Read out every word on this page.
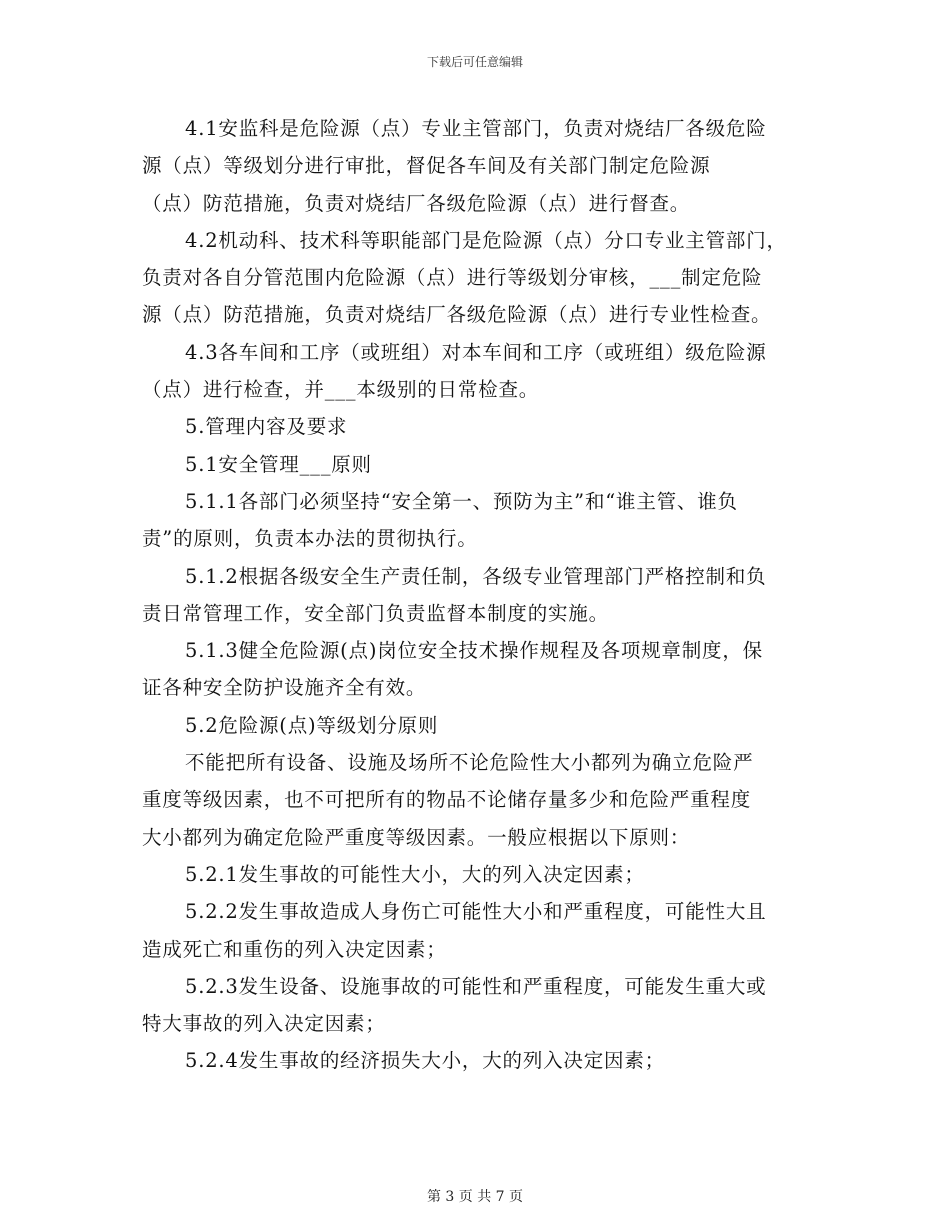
下载后可任意编辑
4.1安监科是危险源（点）专业主管部门，负责对烧结厂各级危险
源（点）等级划分进行审批，督促各车间及有关部门制定危险源
（点）防范措施，负责对烧结厂各级危险源（点）进行督查。
4.2机动科、技术科等职能部门是危险源（点）分口专业主管部门，
负责对各自分管范围内危险源（点）进行等级划分审核，___制定危险
源（点）防范措施，负责对烧结厂各级危险源（点）进行专业性检查。
4.3各车间和工序（或班组）对本车间和工序（或班组）级危险源
（点）进行检查，并___本级别的日常检查。
5.管理内容及要求
5.1安全管理___原则
5.1.1各部门必须坚持“安全第一、预防为主”和“谁主管、谁负
责”的原则，负责本办法的贯彻执行。
5.1.2根据各级安全生产责任制，各级专业管理部门严格控制和负
责日常管理工作，安全部门负责监督本制度的实施。
5.1.3健全危险源(点)岗位安全技术操作规程及各项规章制度，保
证各种安全防护设施齐全有效。
5.2危险源(点)等级划分原则
不能把所有设备、设施及场所不论危险性大小都列为确立危险严
重度等级因素，也不可把所有的物品不论储存量多少和危险严重程度
大小都列为确定危险严重度等级因素。一般应根据以下原则：
5.2.1发生事故的可能性大小，大的列入决定因素；
5.2.2发生事故造成人身伤亡可能性大小和严重程度，可能性大且
造成死亡和重伤的列入决定因素；
5.2.3发生设备、设施事故的可能性和严重程度，可能发生重大或
特大事故的列入决定因素；
5.2.4发生事故的经济损失大小，大的列入决定因素；
第 3 页 共 7 页
